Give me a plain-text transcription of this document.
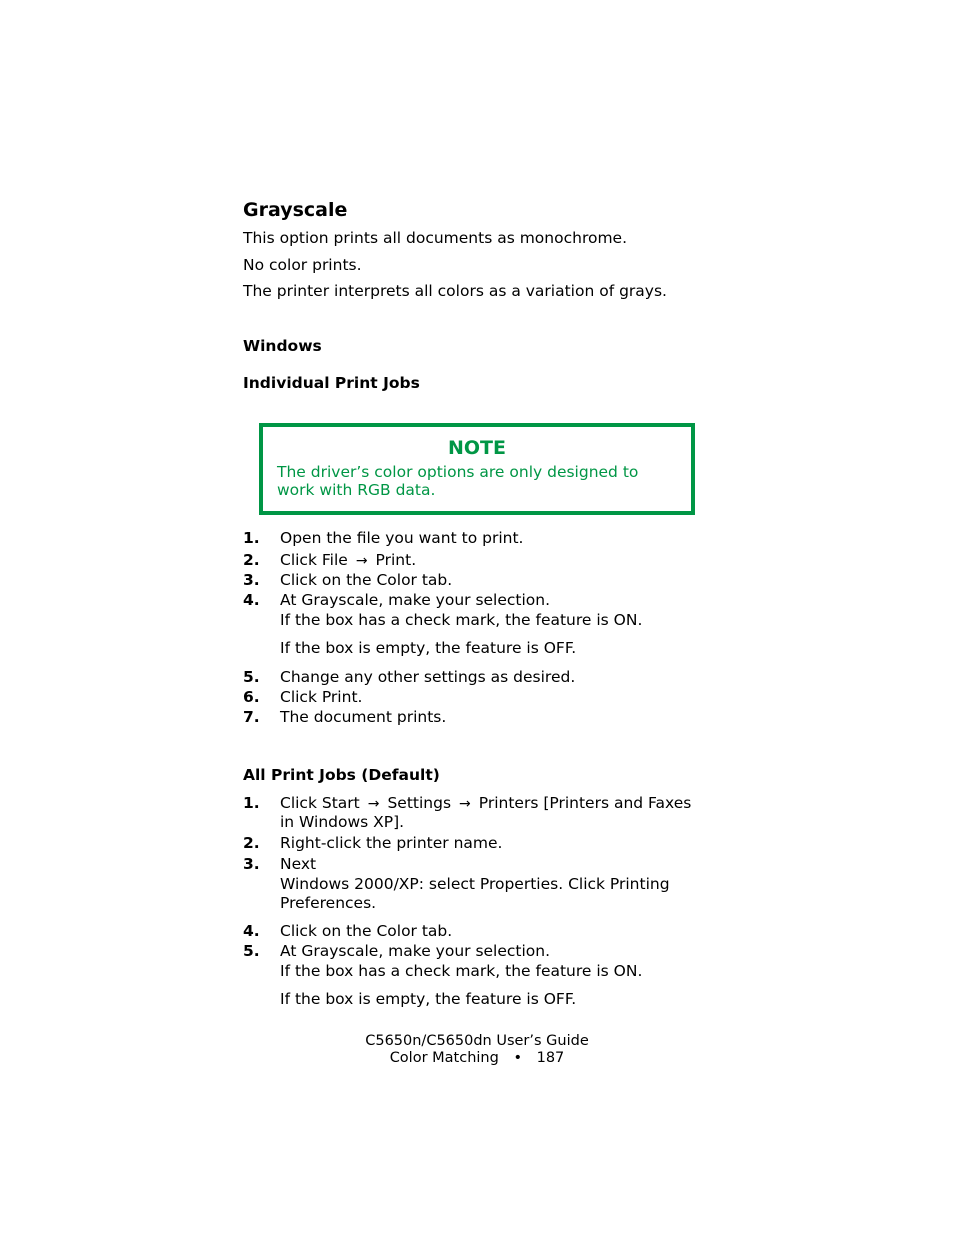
Grayscale
This option prints all documents as monochrome.
No color prints.
The printer interprets all colors as a variation of grays.
Windows
Individual Print Jobs
NOTE
The driver’s color options are only designed to work with RGB data.
1. Open the file you want to print.
2. Click File → Print.
3. Click on the Color tab.
4. At Grayscale, make your selection.
If the box has a check mark, the feature is ON.
If the box is empty, the feature is OFF.
5. Change any other settings as desired.
6. Click Print.
7. The document prints.
All Print Jobs (Default)
1. Click Start → Settings → Printers [Printers and Faxes
in Windows XP].
2. Right-click the printer name.
3. Next
Windows 2000/XP: select Properties. Click Printing
Preferences.
4. Click on the Color tab.
5. At Grayscale, make your selection.
If the box has a check mark, the feature is ON.
If the box is empty, the feature is OFF.
C5650n/C5650dn User’s Guide
Color Matching • 187
